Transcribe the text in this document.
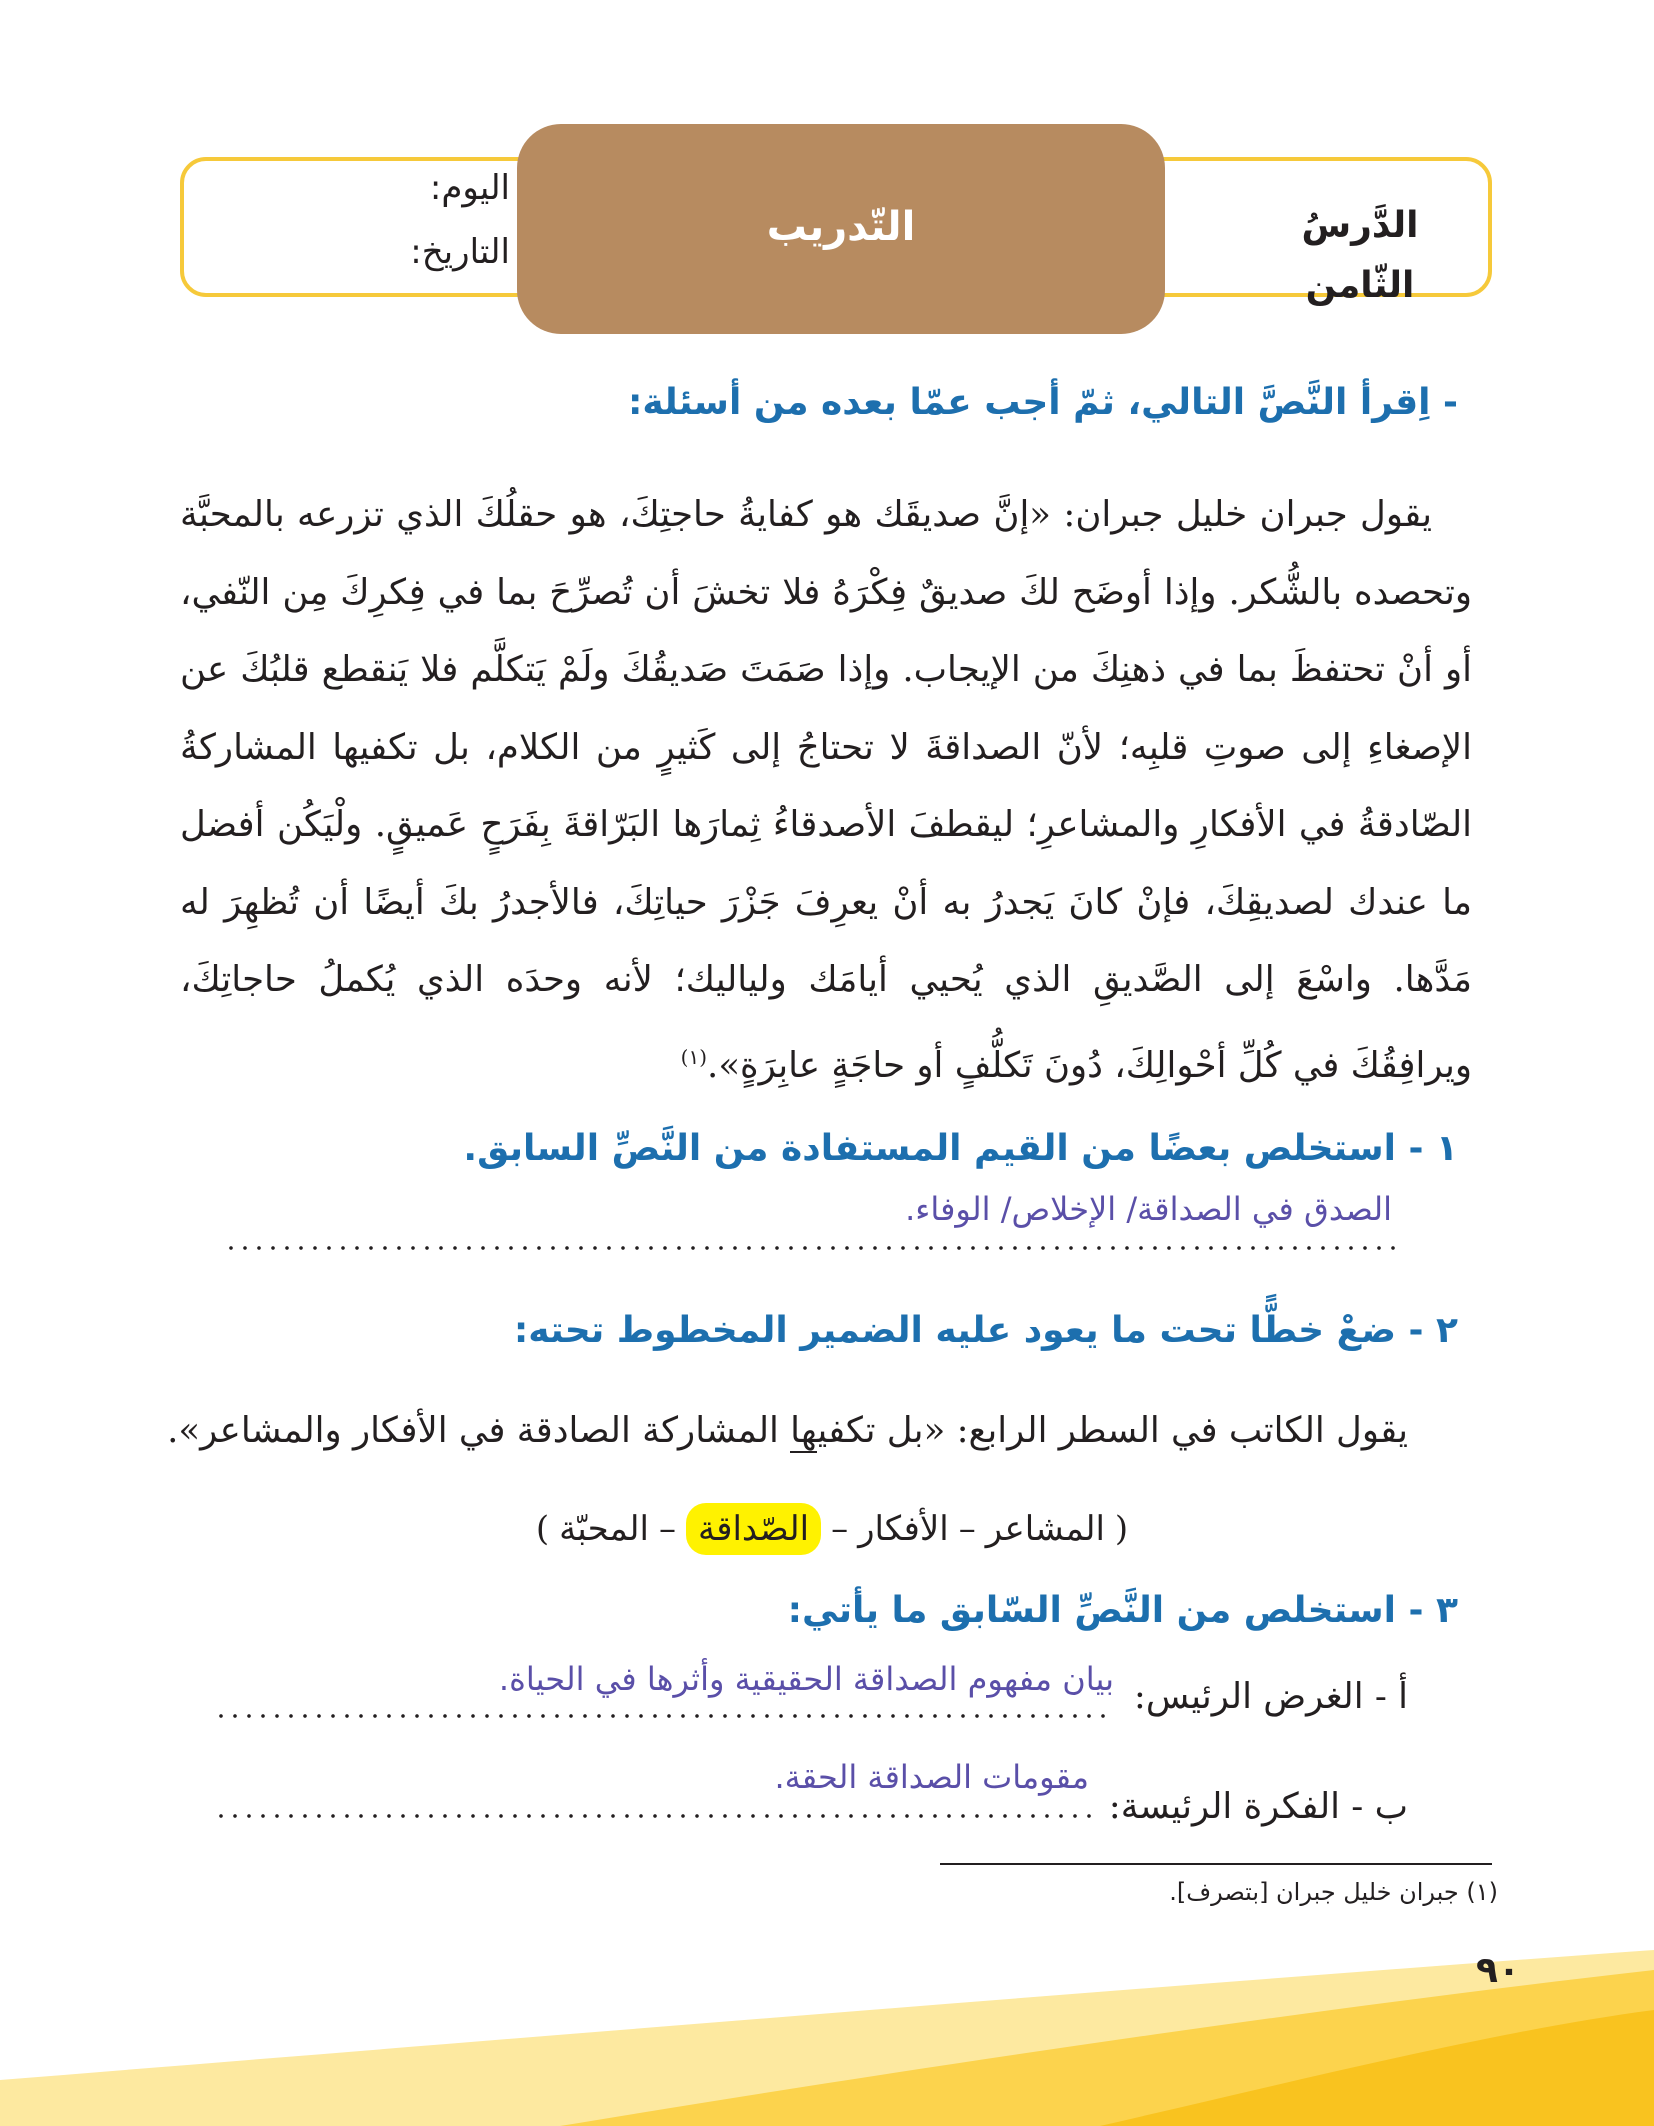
الدَّرسُ الثّامن
التّدريب
اليوم:
التاريخ:
- اِقرأ النَّصَّ التالي، ثمّ أجب عمّا بعده من أسئلة:

يقول جبران خليل جبران: «إنَّ صديقَك هو كفايةُ حاجتِكَ، هو حقلُكَ الذي تزرعه بالمحبَّة وتحصده بالشُّكر. وإذا أوضَح لكَ صديقٌ فِكْرَهُ فلا تخشَ أن تُصرِّحَ بما في فِكرِكَ مِن النّفي، أو أنْ تحتفظَ بما في ذهنِكَ من الإيجاب. وإذا صَمَتَ صَديقُكَ ولَمْ يَتكلَّم فلا يَنقطع قلبُكَ عن الإصغاءِ إلى صوتِ قلبِه؛ لأنّ الصداقةَ لا تحتاجُ إلى كَثيرٍ من الكلام، بل تكفيها المشاركةُ الصّادقةُ في الأفكارِ والمشاعرِ؛ ليقطفَ الأصدقاءُ ثِمارَها البَرّاقةَ بِفَرَحٍ عَميقٍ. ولْيَكُن أفضل ما عندك لصديقِكَ، فإنْ كانَ يَجدرُ به أنْ يعرِفَ جَزْرَ حياتِكَ، فالأجدرُ بكَ أيضًا أن تُظهِرَ له مَدَّها. واسْعَ إلى الصَّديقِ الذي يُحيي أيامَك ولياليك؛ لأنه وحدَه الذي يُكملُ حاجاتِكَ، ويرافِقُكَ في كُلِّ أحْوالِكَ، دُونَ تَكلُّفٍ أو حاجَةٍ عابِرَةٍ».$^{(١)}$

١ - استخلص بعضًا من القيم المستفادة من النَّصِّ السابق.
الصدق في الصداقة/ الإخلاص/ الوفاء.
٢ - ضعْ خطًّا تحت ما يعود عليه الضمير المخطوط تحته:
يقول الكاتب في السطر الرابع: «بل تكفيها المشاركة الصادقة في الأفكار والمشاعر».
(
المشاعر
–
الأفكار
–
الصّداقة
–
المحبّة
)
٣ - استخلص من النَّصِّ السّابق ما يأتي:
أ - الغرض الرئيس:
بيان مفهوم الصداقة الحقيقية وأثرها في الحياة.
ب - الفكرة الرئيسة:
مقومات الصداقة الحقة.
(١) جبران خليل جبران [بتصرف].
٩٠
